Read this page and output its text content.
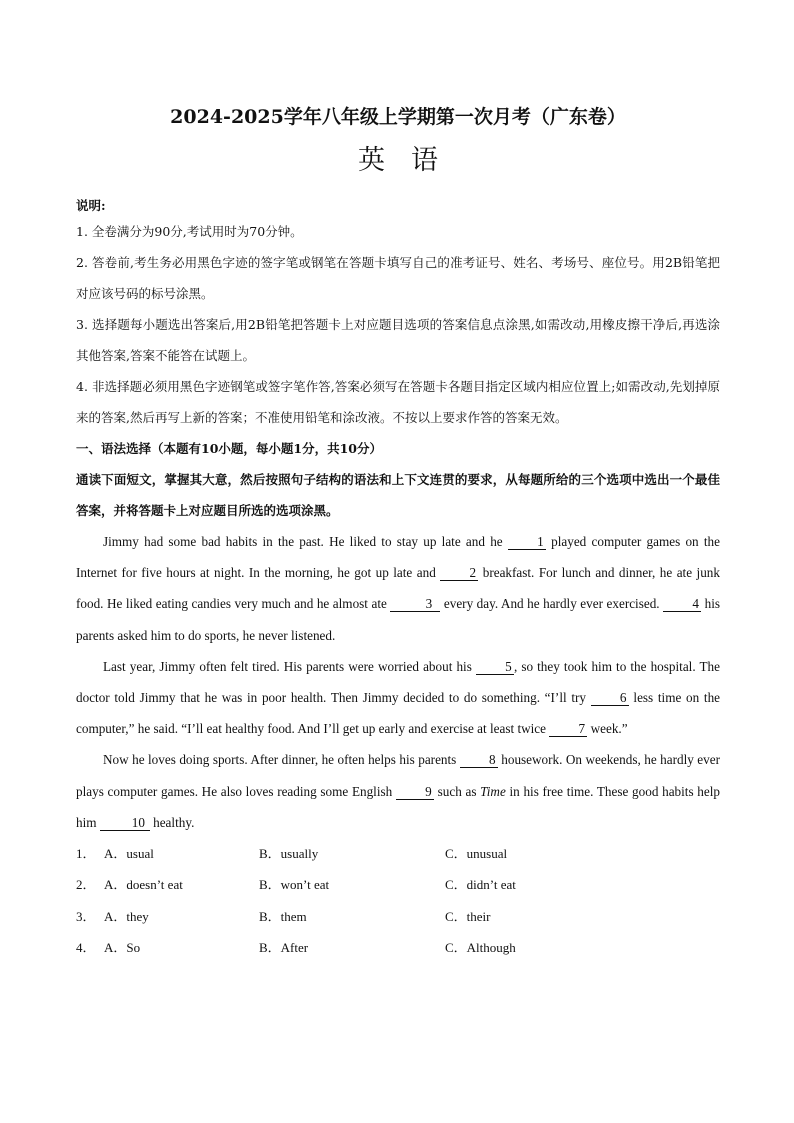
2024-2025学年八年级上学期第一次月考（广东卷）
英语
说明:
1. 全卷满分为90分,考试用时为70分钟。
2. 答卷前,考生务必用黑色字迹的签字笔或钢笔在答题卡填写自己的准考证号、姓名、考场号、座位号。用2B铅笔把对应该号码的标号涂黑。
3. 选择题每小题选出答案后,用2B铅笔把答题卡上对应题目选项的答案信息点涂黑,如需改动,用橡皮擦干净后,再选涂其他答案,答案不能答在试题上。
4. 非选择题必须用黑色字迹钢笔或签字笔作答,答案必须写在答题卡各题目指定区域内相应位置上;如需改动,先划掉原来的答案,然后再写上新的答案；不准使用铅笔和涂改液。不按以上要求作答的答案无效。
一、语法选择（本题有10小题，每小题1分，共10分）
通读下面短文，掌握其大意，然后按照句子结构的语法和上下文连贯的要求，从每题所给的三个选项中选出一个最佳答案，并将答题卡上对应题目所选的选项涂黑。
Jimmy had some bad habits in the past. He liked to stay up late and he	1 played computer games on the Internet for five hours at night. In the morning, he got up late and	2 breakfast. For lunch and dinner, he ate junk food. He liked eating candies very much and he almost ate	3 every day. And he hardly ever exercised. 4 his parents asked him to do sports, he never listened.
Last year, Jimmy often felt tired. His parents were worried about his	5 , so they took him to the hospital. The doctor told Jimmy that he was in poor health. Then Jimmy decided to do something. “I’ll try	6 less time on the computer,” he said. “I’ll eat healthy food. And I’ll get up early and exercise at least twice 7 week.”
Now he loves doing sports. After dinner, he often helps his parents 8 housework. On weekends, he hardly ever plays computer games. He also loves reading some English 9 such as Time in his free time. These good habits help him	10 healthy.
1． A．usual	B．usually	C．unusual
2． A．doesn’t eat	B．won’t eat	C．didn’t eat
3． A．they	B．them	C．their
4． A．So	B．After	C．Although
